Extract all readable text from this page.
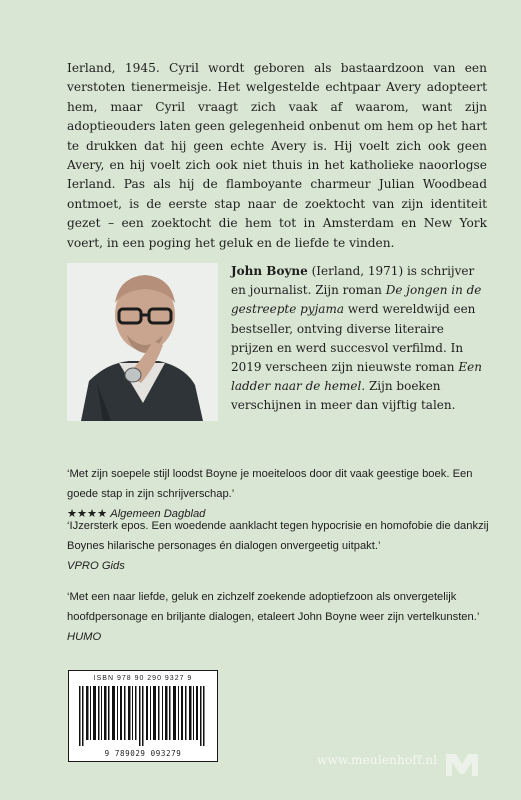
Ierland, 1945. Cyril wordt geboren als bastaardzoon van een verstoten tienermeisje. Het welgestelde echtpaar Avery adopteert hem, maar Cyril vraagt zich vaak af waarom, want zijn adoptieouders laten geen gelegenheid onbenut om hem op het hart te drukken dat hij geen echte Avery is. Hij voelt zich ook geen Avery, en hij voelt zich ook niet thuis in het katholieke naoorlogse Ierland. Pas als hij de flamboyante charmeur Julian Woodbead ontmoet, is de eerste stap naar de zoektocht van zijn identiteit gezet – een zoektocht die hem tot in Amsterdam en New York voert, in een poging het geluk en de liefde te vinden.

John Boyne (Ierland, 1971) is schrijver en journalist. Zijn roman De jongen in de gestreepte pyjama werd wereldwijd een bestseller, ontving diverse literaire prijzen en werd succesvol verfilmd. In 2019 verscheen zijn nieuwste roman Een ladder naar de hemel. Zijn boeken verschijnen in meer dan vijftig talen.

‘Met zijn soepele stijl loodst Boyne je moeiteloos door dit vaak geestige boek. Een goede stap in zijn schrijverschap.’
★★★★ Algemeen Dagblad

‘IJzersterk epos. Een woedende aanklacht tegen hypocrisie en homofobie die dankzij Boynes hilarische personages én dialogen onvergeetig uitpakt.’
VPRO Gids

‘Met een naar liefde, geluk en zichzelf zoekende adoptiefzoon als onvergetelijk hoofdpersonage en briljante dialogen, etaleert John Boyne weer zijn vertelkunsten.’ HUMO

ISBN 978 90 290 9327 9
9 789029 093279	www.meulenhoff.nl
